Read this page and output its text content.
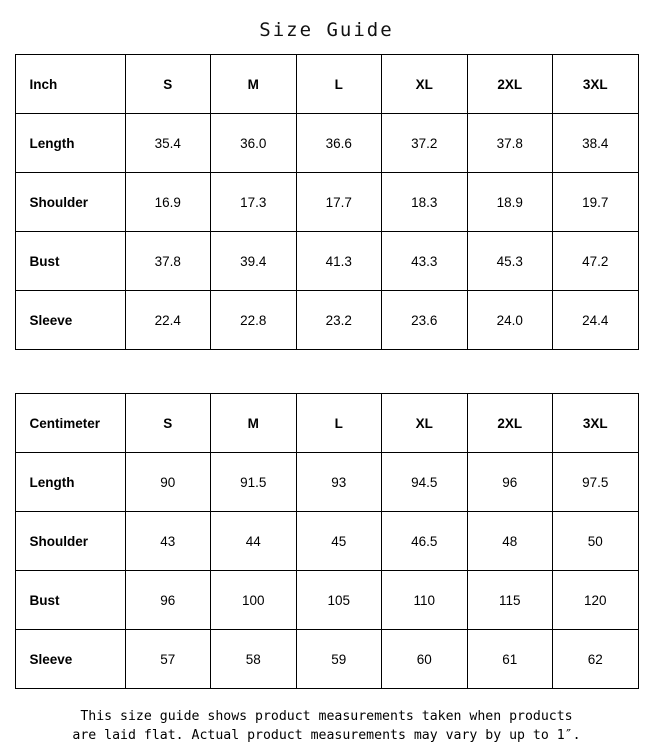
Size Guide
Inch	S	M	L	XL	2XL	3XL
Length	35.4	36.0	36.6	37.2	37.8	38.4
Shoulder	16.9	17.3	17.7	18.3	18.9	19.7
Bust	37.8	39.4	41.3	43.3	45.3	47.2
Sleeve	22.4	22.8	23.2	23.6	24.0	24.4
Centimeter	S	M	L	XL	2XL	3XL
Length	90	91.5	93	94.5	96	97.5
Shoulder	43	44	45	46.5	48	50
Bust	96	100	105	110	115	120
Sleeve	57	58	59	60	61	62
This size guide shows product measurements taken when products
are laid flat. Actual product measurements may vary by up to 1″.
